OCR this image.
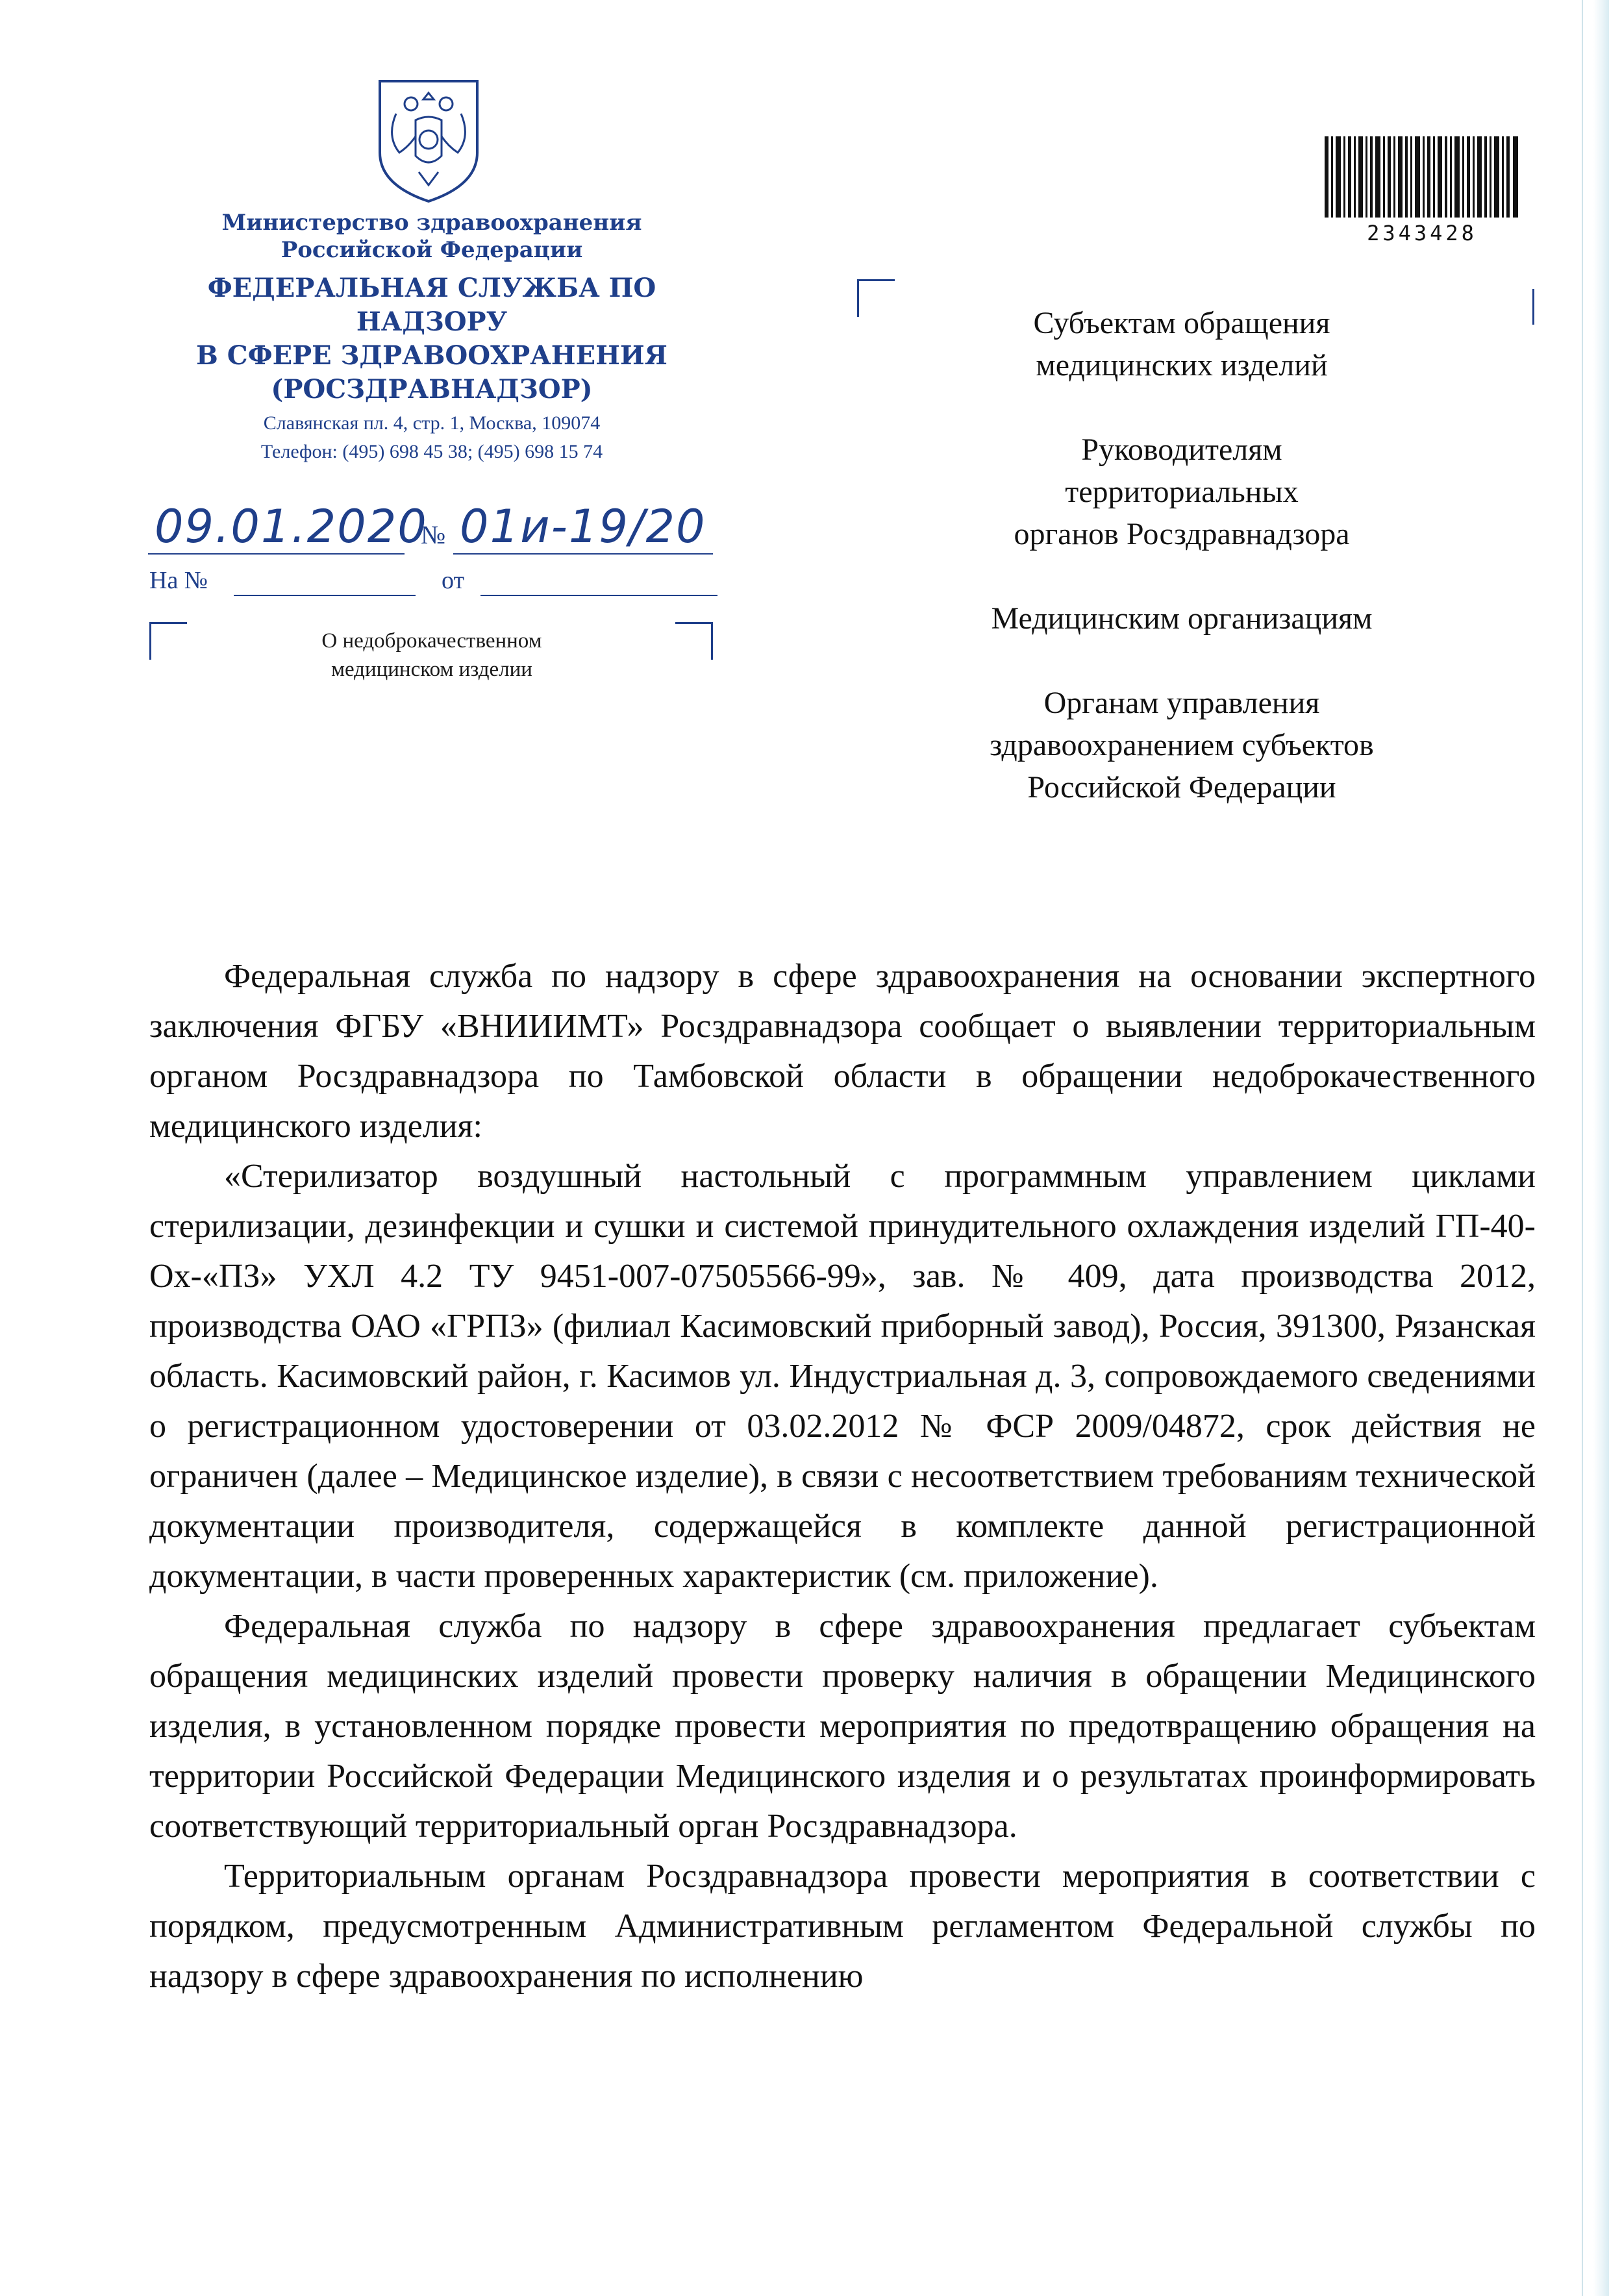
Министерство здравоохранения
Российской Федерации
ФЕДЕРАЛЬНАЯ СЛУЖБА ПО НАДЗОРУ
В СФЕРЕ ЗДРАВООХРАНЕНИЯ
(РОСЗДРАВНАДЗОР)
Славянская пл. 4, стр. 1, Москва, 109074
Телефон: (495) 698 45 38; (495) 698 15 74
09.01.2020
№ 01и-19/20
На №	от
О недоброкачественном
медицинском изделии
2343428
Субъектам обращения
медицинских изделий
Руководителям
территориальных
органов Росздравнадзора
Медицинским организациям
Органам управления
здравоохранением субъектов
Российской Федерации

Федеральная служба по надзору в сфере здравоохранения на основании экспертного заключения ФГБУ «ВНИИИМТ» Росздравнадзора сообщает о выявлении территориальным органом Росздравнадзора по Тамбовской области в обращении недоброкачественного медицинского изделия:

«Стерилизатор воздушный настольный с программным управлением циклами стерилизации, дезинфекции и сушки и системой принудительного охлаждения изделий ГП-40-Ох-«ПЗ» УХЛ 4.2 ТУ 9451-007-07505566-99», зав. № 409, дата производства 2012, производства ОАО «ГРПЗ» (филиал Касимовский приборный завод), Россия, 391300, Рязанская область. Касимовский район, г. Касимов ул. Индустриальная д. 3, сопровождаемого сведениями о регистрационном удостоверении от 03.02.2012 № ФСР 2009/04872, срок действия не ограничен (далее – Медицинское изделие), в связи с несоответствием требованиям технической документации производителя, содержащейся в комплекте данной регистрационной документации, в части проверенных характеристик (см. приложение).

Федеральная служба по надзору в сфере здравоохранения предлагает субъектам обращения медицинских изделий провести проверку наличия в обращении Медицинского изделия, в установленном порядке провести мероприятия по предотвращению обращения на территории Российской Федерации Медицинского изделия и о результатах проинформировать соответствующий территориальный орган Росздравнадзора.

Территориальным органам Росздравнадзора провести мероприятия в соответствии с порядком, предусмотренным Административным регламентом Федеральной службы по надзору в сфере здравоохранения по исполнению
